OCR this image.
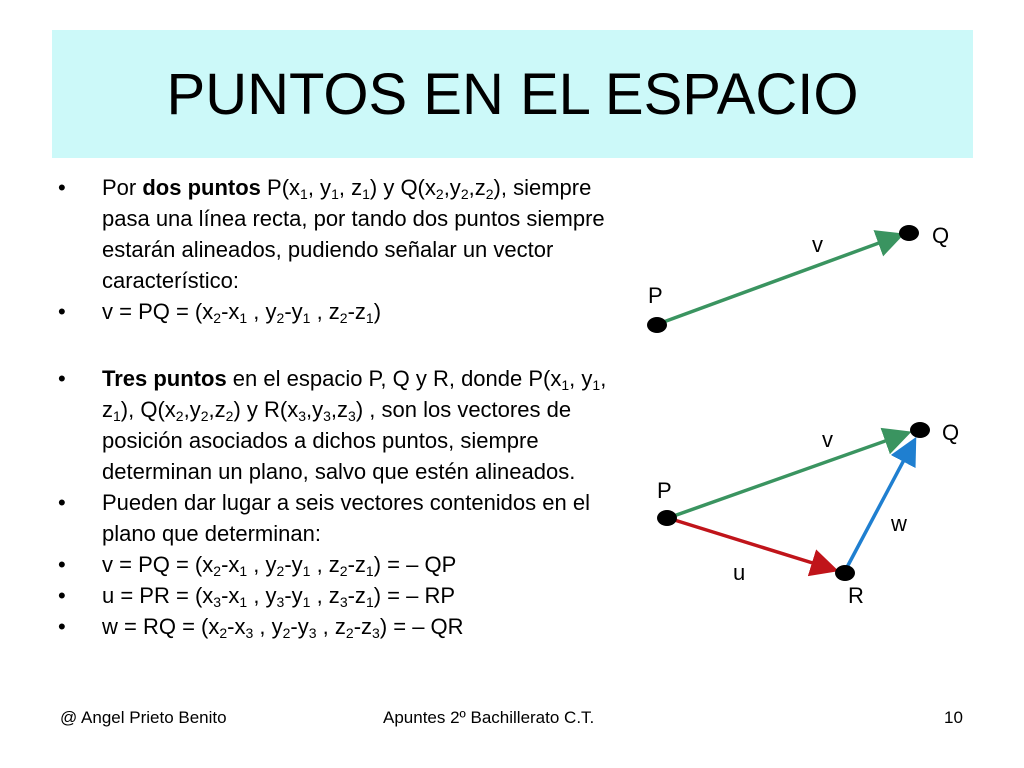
PUNTOS EN EL ESPACIO
•	Por dos puntos $P(x_1$, $y_1$, $z_1$) y $Q(x_2,y_2,z_2)$, siempre pasa una línea recta, por tando dos puntos siempre estarán alineados, pudiendo señalar un vector característico:
•	v = PQ = ($x_2-x_1$ , $y_2-y_1$ , $z_2-z_1$)
•	Tres puntos en el espacio P, Q y R, donde $P(x_1$, $y_1$, $z_1$), $Q(x_2,y_2,z_2)$ y $R(x_3,y_3,z_3)$ , son los vectores de posición asociados a dichos puntos, siempre determinan un plano, salvo que estén alineados.
•	Pueden dar lugar a seis vectores contenidos en el plano que determinan:
•	v = PQ = ($x_2-x_1$ , $y_2-y_1$ , $z_2-z_1$) = – QP
•	u = PR = ($x_3-x_1$ , $y_3-y_1$ , $z_3-z_1$) = – RP
•	w = RQ = ($x_2-x_3$ , $y_2-y_3$ , $z_2-z_3$) = – QR
P
Q
v
P
Q
R
v
u
w
@ Angel Prieto Benito	Apuntes 2º Bachillerato C.T.	10
